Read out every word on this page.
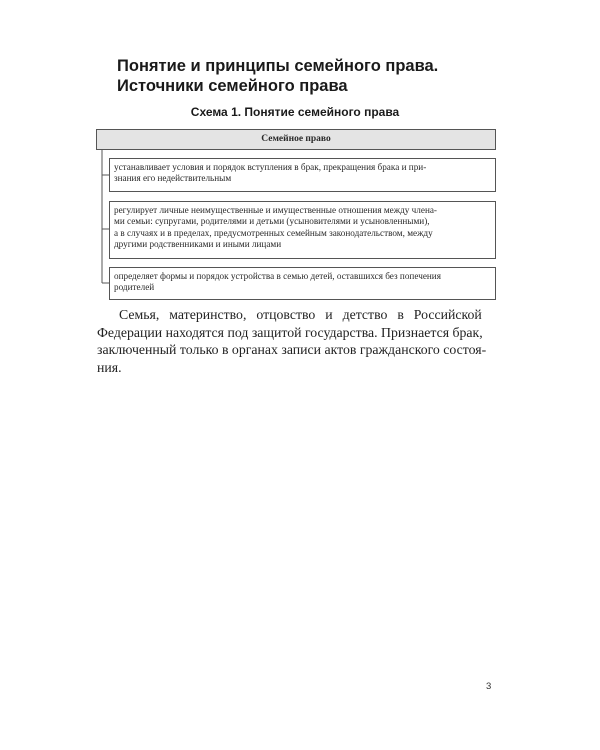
Понятие и принципы семейного права.
Источники семейного права
Схема 1. Понятие семейного права
Семейное право
устанавливает условия и порядок вступления в брак, прекращения брака и при-
знания его недействительным
регулирует личные неимущественные и имущественные отношения между члена-
ми семьи: супругами, родителями и детьми (усыновителями и усыновленными),
а в случаях и в пределах, предусмотренных семейным законодательством, между
другими родственниками и иными лицами
определяет формы и порядок устройства в семью детей, оставшихся без попечения
родителей

Семья, материнство, отцовство и детство в Российской
Федерации находятся под защитой государства. Признается брак,
заключенный только в органах записи актов гражданского состоя-
ния.

3
